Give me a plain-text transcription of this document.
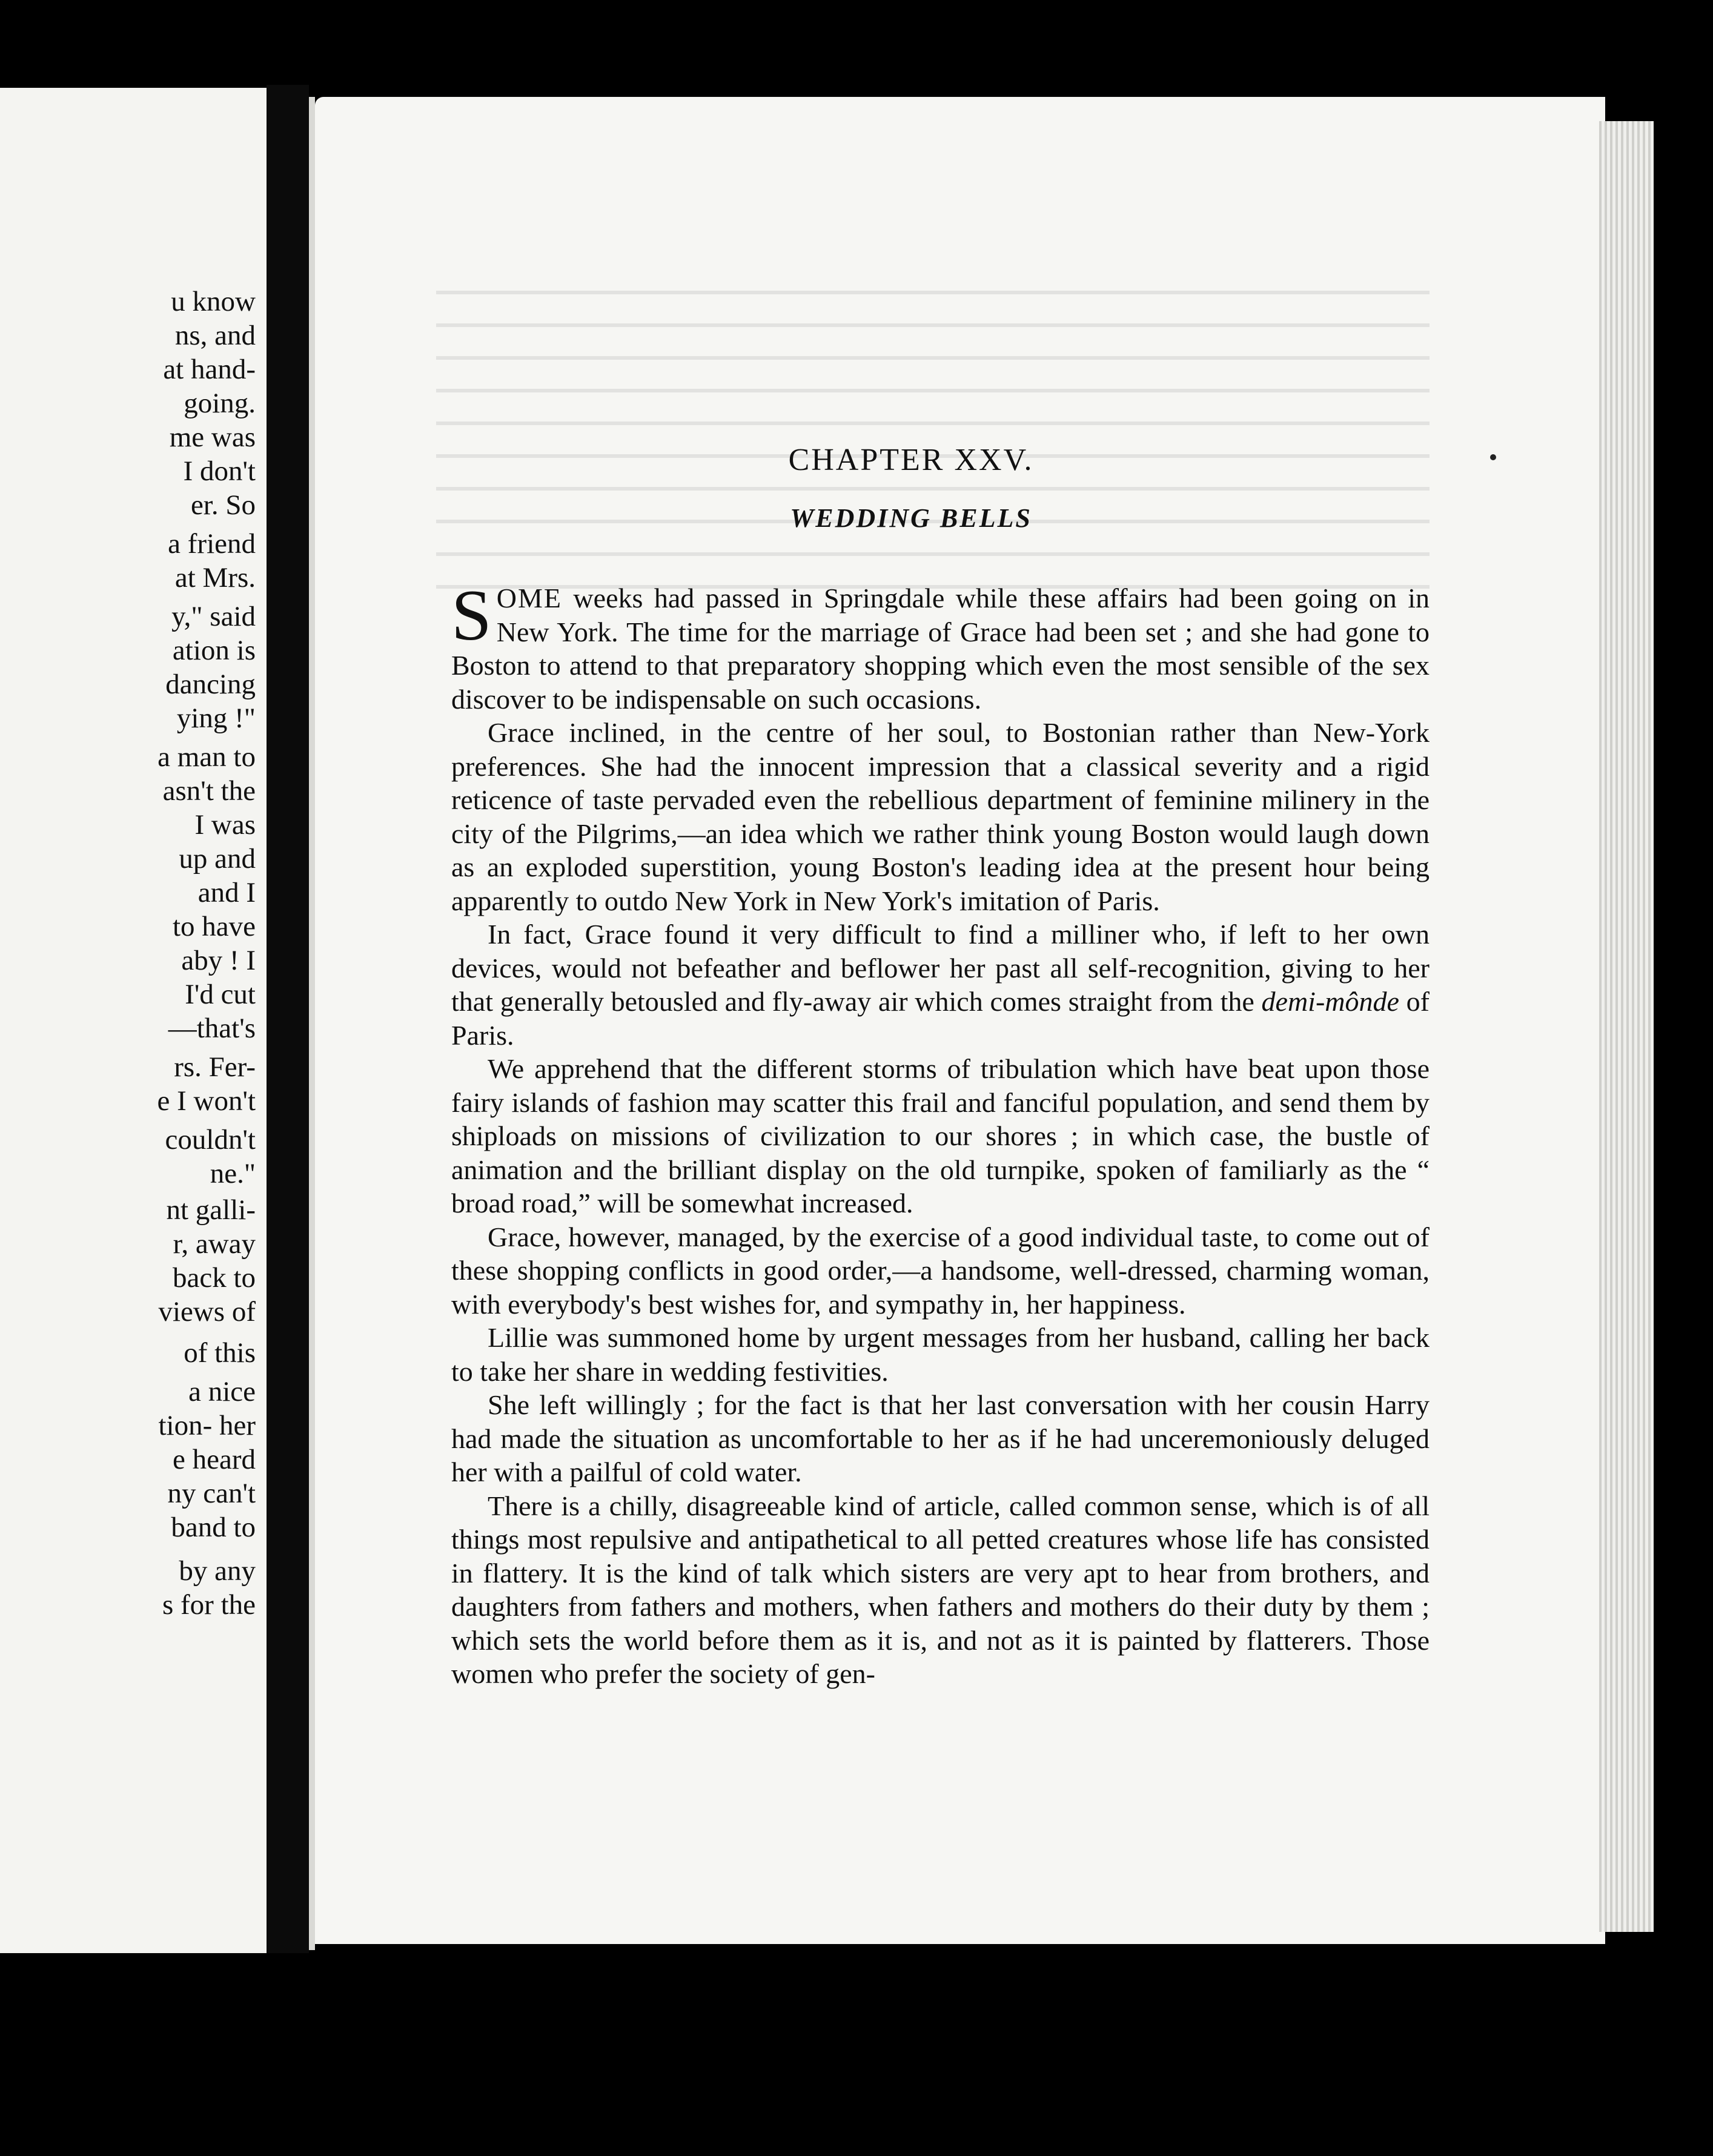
u know
ns, and
at hand-
going.
me was
I don't
er. So
a friend
at Mrs.
y," said
ation is
dancing
ying !"
a man to
asn't the
I was
up and
and I
to have
aby ! I
I'd cut
—that's
rs. Fer-
e I won't
couldn't
ne."
nt galli-
r, away
back to
views of
of this
a nice
tion- her
e heard
ny can't
band to
by any
s for the
CHAPTER XXV.
WEDDING BELLS

SOME weeks had passed in Springdale while these affairs had been going on in New York. The time for the marriage of Grace had been set ; and she had gone to Boston to attend to that preparatory shopping which even the most sensible of the sex discover to be indispensable on such occasions.

Grace inclined, in the centre of her soul, to Bostonian rather than New-York preferences. She had the innocent impression that a classical severity and a rigid reticence of taste pervaded even the rebellious department of feminine milinery in the city of the Pilgrims,—an idea which we rather think young Boston would laugh down as an exploded superstition, young Boston's leading idea at the present hour being apparently to outdo New York in New York's imitation of Paris.

In fact, Grace found it very difficult to find a milliner who, if left to her own devices, would not befeather and beflower her past all self-recognition, giving to her that generally betousled and fly-away air which comes straight from the demi-mônde of Paris.

We apprehend that the different storms of tribulation which have beat upon those fairy islands of fashion may scatter this frail and fanciful population, and send them by shiploads on missions of civilization to our shores ; in which case, the bustle of animation and the brilliant display on the old turnpike, spoken of familiarly as the “ broad road,” will be somewhat increased.

Grace, however, managed, by the exercise of a good individual taste, to come out of these shopping conflicts in good order,—a handsome, well-dressed, charming woman, with everybody's best wishes for, and sympathy in, her happiness.

Lillie was summoned home by urgent messages from her husband, calling her back to take her share in wedding festivities.

She left willingly ; for the fact is that her last conversation with her cousin Harry had made the situation as uncomfortable to her as if he had unceremoniously deluged her with a pailful of cold water.

There is a chilly, disagreeable kind of article, called common sense, which is of all things most repulsive and antipathetical to all petted creatures whose life has consisted in flattery. It is the kind of talk which sisters are very apt to hear from brothers, and daughters from fathers and mothers, when fathers and mothers do their duty by them ; which sets the world before them as it is, and not as it is painted by flatterers. Those women who prefer the society of gen-
